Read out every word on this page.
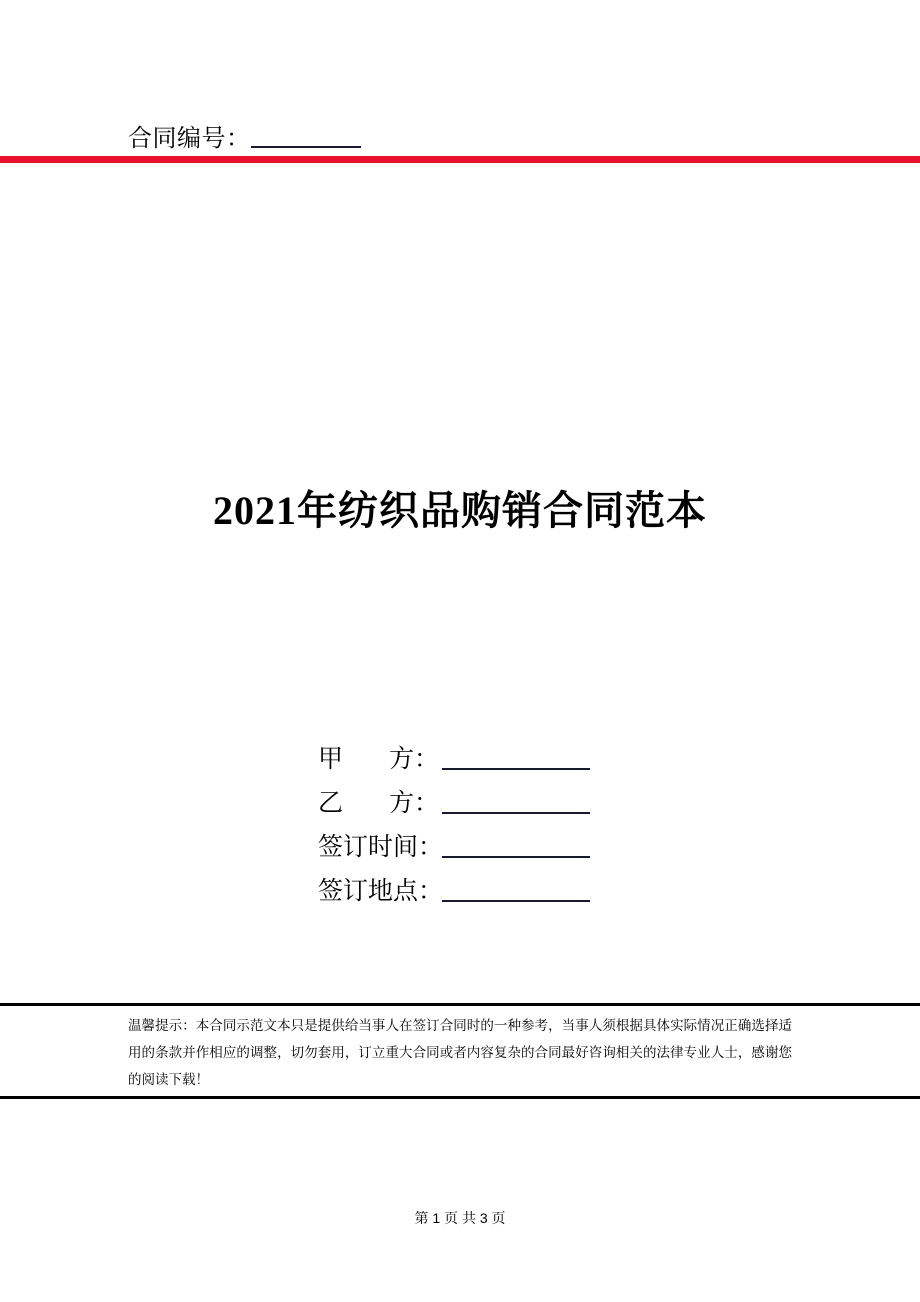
合同编号：
2021年纺织品购销合同范本
甲 方：
乙 方：
签订时间：
签订地点：
温馨提示：本合同示范文本只是提供给当事人在签订合同时的一种参考，当事人须根据具体实际情况正确选择适用的条款并作相应的调整，切勿套用，订立重大合同或者内容复杂的合同最好咨询相关的法律专业人士，感谢您的阅读下载！
第 1 页 共 3 页
